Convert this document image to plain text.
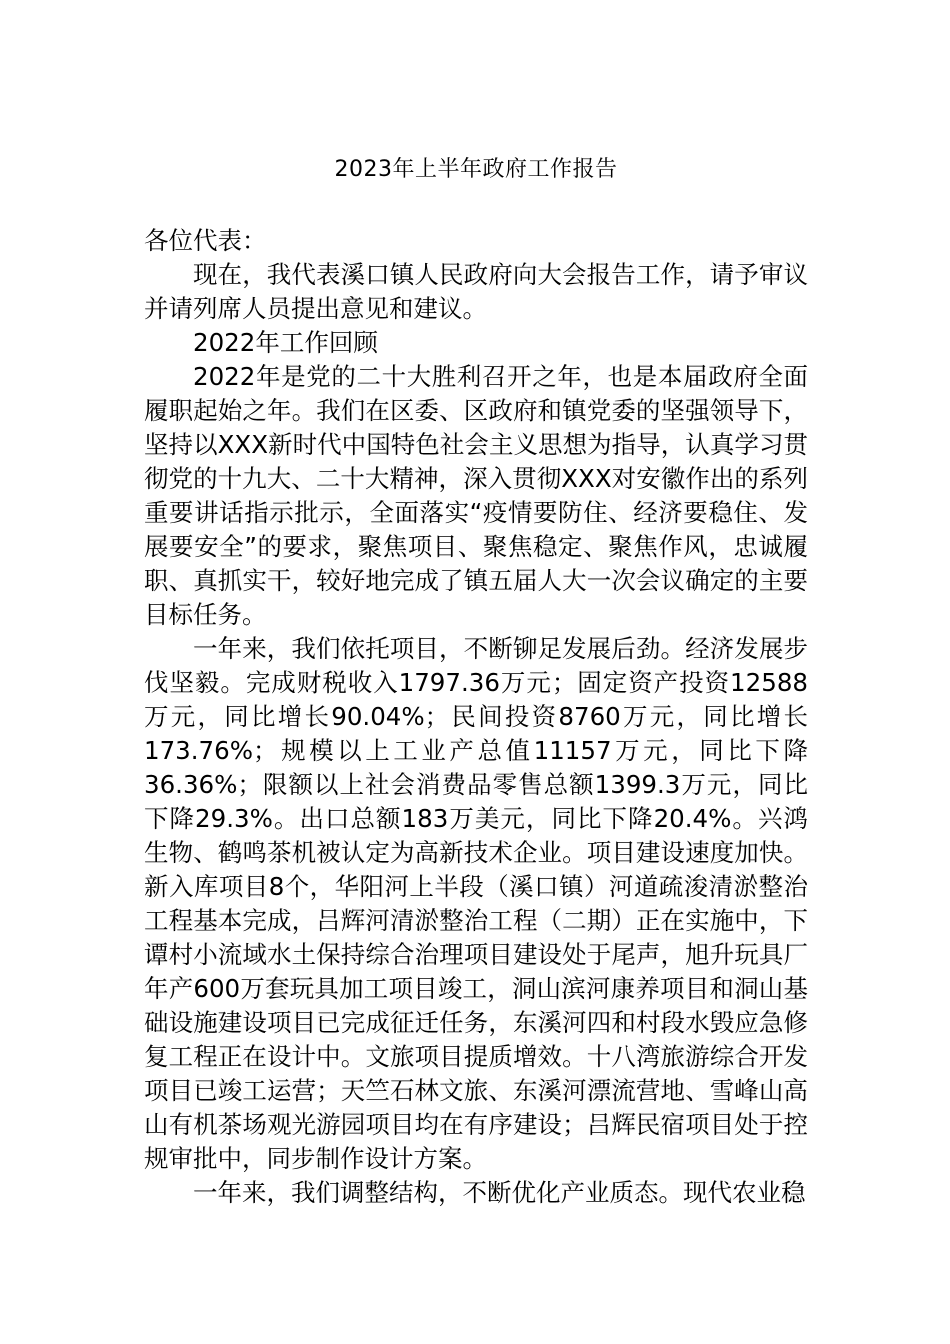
2023年上半年政府工作报告

各位代表：

现在，我代表溪口镇人民政府向大会报告工作，请予审议并请列席人员提出意见和建议。

2022年工作回顾

2022年是党的二十大胜利召开之年，也是本届政府全面履职起始之年。我们在区委、区政府和镇党委的坚强领导下，坚持以XXX新时代中国特色社会主义思想为指导，认真学习贯彻党的十九大、二十大精神，深入贯彻XXX对安徽作出的系列重要讲话指示批示，全面落实“疫情要防住、经济要稳住、发展要安全”的要求，聚焦项目、聚焦稳定、聚焦作风，忠诚履职、真抓实干，较好地完成了镇五届人大一次会议确定的主要目标任务。

一年来，我们依托项目，不断铆足发展后劲。经济发展步伐坚毅。完成财税收入1797.36万元；固定资产投资12588万元，同比增长90.04%；民间投资8760万元，同比增长173.76%；规模以上工业产总值11157万元，同比下降36.36%；限额以上社会消费品零售总额1399.3万元，同比下降29.3%。出口总额183万美元，同比下降20.4%。兴鸿生物、鹤鸣茶机被认定为高新技术企业。项目建设速度加快。新入库项目8个，华阳河上半段（溪口镇）河道疏浚清淤整治工程基本完成，吕辉河清淤整治工程（二期）正在实施中，下谭村小流域水土保持综合治理项目建设处于尾声，旭升玩具厂年产600万套玩具加工项目竣工，洞山滨河康养项目和洞山基础设施建设项目已完成征迁任务，东溪河四和村段水毁应急修复工程正在设计中。文旅项目提质增效。十八湾旅游综合开发项目已竣工运营；天竺石林文旅、东溪河漂流营地、雪峰山高山有机茶场观光游园项目均在有序建设；吕辉民宿项目处于控规审批中，同步制作设计方案。

一年来，我们调整结构，不断优化产业质态。现代农业稳
